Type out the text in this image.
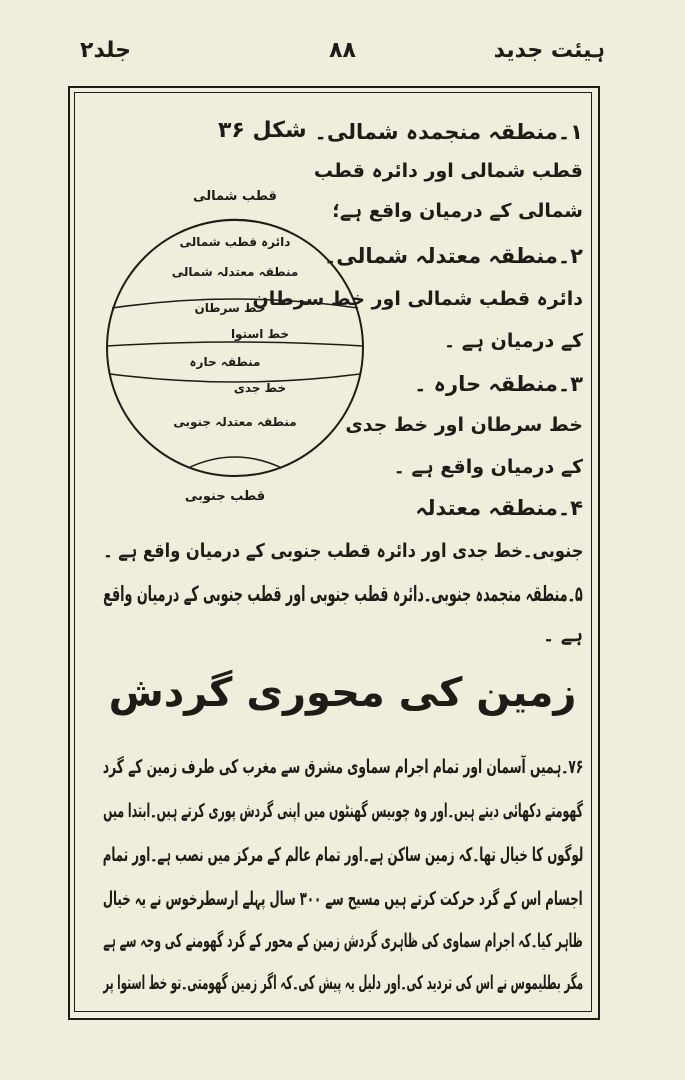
ہیئت جدید
۸۸
جلد۲
شکل ۳۶
قطب شمالی
دائرہ قطب شمالی
منطقہ معتدلہ شمالی
خط سرطان
خط استوا
منطقہ حارہ
خط جدی
منطقہ معتدلہ جنوبی
قطب جنوبی
۱۔منطقہ منجمدہ شمالی۔
قطب شمالی اور دائرہ قطب
شمالی کے درمیان واقع ہے؛
۲۔منطقہ معتدلہ شمالی۔
دائرہ قطب شمالی اور خط سرطان
کے درمیان ہے ۔
۳۔منطقہ حارہ ۔
خط سرطان اور خط جدی
کے درمیان واقع ہے ۔
۴۔منطقہ معتدلہ
جنوبی۔خط جدی اور دائرہ قطب جنوبی کے درمیان واقع ہے ۔
۵۔منطقہ منجمدہ جنوبی۔دائرہ قطب جنوبی اور قطب جنوبی کے درمیان واقع
ہے ۔
زمین کی محوری گردش
۷۶۔ہمیں آسمان اور تمام اجرام سماوی مشرق سے مغرب کی طرف زمین کے گرد
گھومتے دکھائی دیتے ہیں۔اور وہ چوبیس گھنٹوں میں اپنی گردش پوری کرتے ہیں۔ابتدا میں
لوگوں کا خیال تھا۔کہ زمین ساکن ہے۔اور تمام عالم کے مرکز میں نصب ہے۔اور تمام
اجسام اس کے گرد حرکت کرتے ہیں مسیح سے ۳۰۰ سال پہلے ارسطرخوس نے یہ خیال
ظاہر کیا۔کہ اجرام سماوی کی ظاہری گردش زمین کے محور کے گرد گھومنے کی وجہ سے ہے
مگر بطلیموس نے اس کی تردید کی۔اور دلیل یہ پیش کی۔کہ اگر زمین گھومتی۔تو خط استوا پر
